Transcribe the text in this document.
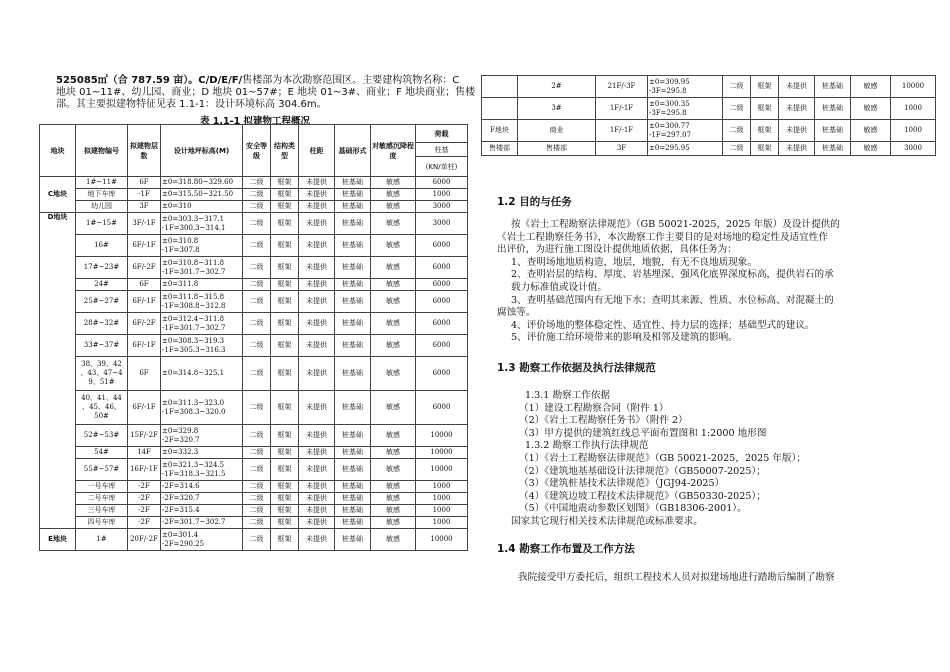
525085㎡（合 787.59 亩）。C/D/E/F/售楼部为本次勘察范围区。主要建构筑物名称：C
地块 01~11#、幼儿园、商业；D 地块 01~57#；E 地块 01~3#、商业；F 地块商业；售楼
部。其主要拟建物特征见表 1.1-1：设计环境标高 304.6m。
表 1.1-1 拟建物工程概况
地块	拟建物编号	拟建物层数	设计地坪标高(M)	安全等级	结构类型	柱距	基础形式	对敏感沉降程度	荷载
									柱基
									(KN/单柱)
C地块	1#~11#	6F	±0=318.80~329.60	二级	框架	未提供	桩基础	敏感	6000
	地下车库	-1F	±0=315.50~321.50	二级	框架	未提供	桩基础	敏感	1000
	幼儿园	3F	±0=310	二级	框架	未提供	桩基础	敏感	3000
D地块	1#~15#	3F/-1F	±0=303.3~317.1
-1F=300.3~314.1	二级	框架	未提供	桩基础	敏感	3000
	16#	6F/-1F	±0=310.8
-1F=307.8	二级	框架	未提供	桩基础	敏感	6000
	17#~23#	6F/-2F	±0=310.8~311.8
-1F=301.7~302.7	二级	框架	未提供	桩基础	敏感	6000
	24#	6F	±0=311.8	二级	框架	未提供	桩基础	敏感	6000
	25#~27#	6F/-1F	±0=311.8~315.8
-1F=308.8~312.8	二级	框架	未提供	桩基础	敏感	6000
	28#~32#	6F/-2F	±0=312.4~311.8
-1F=301.7~302.7	二级	框架	未提供	桩基础	敏感	6000
	33#~37#	6F/-1F	±0=308.3~319.3
-1F=305.3~316.3	二级	框架	未提供	桩基础	敏感	6000
	38、39、42
、43、47~4
9、51#	6F	±0=314.8~325.1	二级	框架	未提供	桩基础	敏感	6000
	40、41、44
、45、46、
50#	6F/-1F	±0=311.3~323.0
-1F=308.3~320.0	二级	框架	未提供	桩基础	敏感	6000
	52#~53#	15F/-2F	±0=329.8
-2F=320.7	二级	框架	未提供	桩基础	敏感	10000
	54#	14F	±0=332.3	二级	框架	未提供	桩基础	敏感	10000
	55#~57#	16F/-1F	±0=321.3~324.5
-1F=318.3~321.5	二级	框架	未提供	桩基础	敏感	10000
	一号车库	-2F	-2F=314.6	二级	框架	未提供	桩基础	敏感	1000
	二号车库	-2F	-2F=320.7	二级	框架	未提供	桩基础	敏感	1000
	三号车库	-2F	-2F=315.4	二级	框架	未提供	桩基础	敏感	1000
	四号车库	-2F	-2F=301.7~302.7	二级	框架	未提供	桩基础	敏感	1000
E地块	1#	20F/-2F	±0=301.4
-2F=290.25	二级	框架	未提供	桩基础	敏感	10000
	2#	21F/-3F	±0=309.95
-3F=295.8	二级	框架	未提供	桩基础	敏感	10000
	3#	1F/-1F	±0=300.35
-3F=295.8	二级	框架	未提供	桩基础	敏感	1000
F地块	商业	1F/-1F	±0=300.77
-1F=297.07	二级	框架	未提供	桩基础	敏感	1000
售楼部	售楼部	3F	±0=295.95	二级	框架	未提供	桩基础	敏感	3000
1.2 目的与任务
按《岩土工程勘察法律规范》（GB 50021-2025，2025 年版）及设计提供的
《岩土工程勘察任务书》，本次勘察工作主要目的是对场地的稳定性及适宜性作
出评价，为进行施工图设计提供地质依据，具体任务为：
1、查明场地地质构造，地层，地貌，有无不良地质现象。
2、查明岩层的结构、厚度、岩基埋深、强风化底界深度标高，提供岩石的承
载力标准值或设计值。
3、查明基础范围内有无地下水；查明其来源、性质、水位标高、对混凝土的
腐蚀等。
4、评价场地的整体稳定性、适宜性、持力层的选择；基础型式的建议。
5、评价施工给环境带来的影响及相邻及建筑的影响。
1.3 勘察工作依据及执行法律规范
1.3.1 勘察工作依据
（1）建设工程勘察合同（附件 1）
（2）《岩土工程勘察任务书》（附件 2）
（3）甲方提供的建筑红线总平面布置图和 1:2000 地形图
1.3.2 勘察工作执行法律规范
（1）《岩土工程勘察法律规范》（GB 50021-2025，2025 年版）；
（2）《建筑地基基础设计法律规范》（GB50007-2025）；
（3）《建筑桩基技术法律规范》（JGJ94-2025）
（4）《建筑边坡工程技术法律规范》（GB50330-2025）；
（5）《中国地震动参数区划图》（GB18306-2001）。
国家其它现行相关技术法律规范或标准要求。
1.4 勘察工作布置及工作方法
我院接受甲方委托后，组织工程技术人员对拟建场地进行踏勘后编制了勘察
